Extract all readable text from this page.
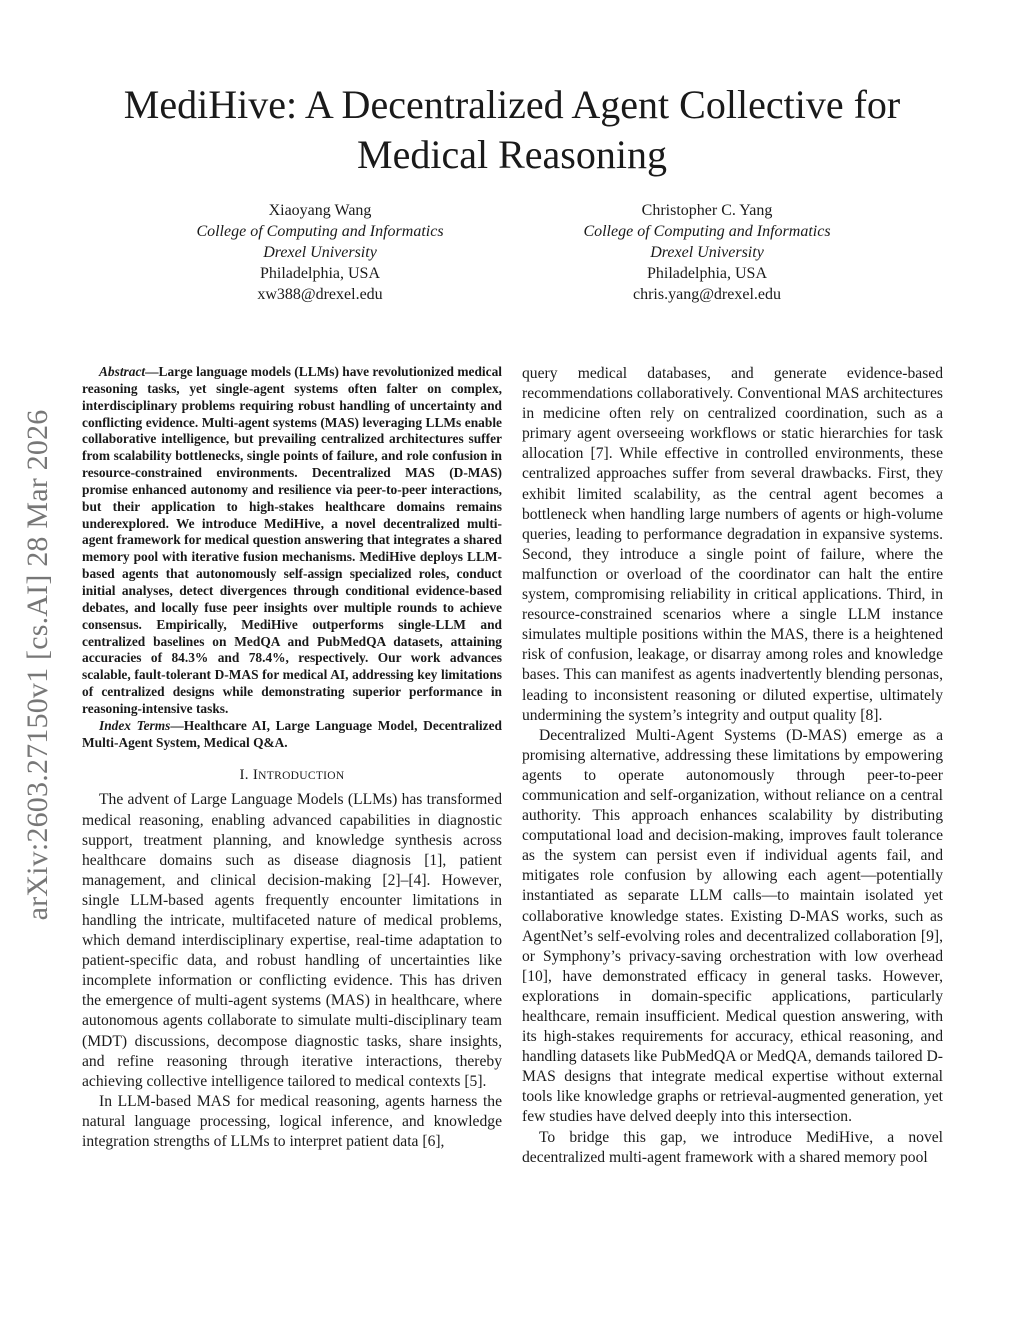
arXiv:2603.27150v1 [cs.AI] 28 Mar 2026
MediHive: A Decentralized Agent Collective for
Medical Reasoning
Xiaoyang Wang
College of Computing and Informatics
Drexel University
Philadelphia, USA
xw388@drexel.edu
Christopher C. Yang
College of Computing and Informatics
Drexel University
Philadelphia, USA
chris.yang@drexel.edu

Abstract—Large language models (LLMs) have revolutionized medical reasoning tasks, yet single-agent systems often falter on complex, interdisciplinary problems requiring robust handling of uncertainty and conflicting evidence. Multi-agent systems (MAS) leveraging LLMs enable collaborative intelligence, but prevailing centralized architectures suffer from scalability bottlenecks, single points of failure, and role confusion in resource-constrained environments. Decentralized MAS (D-MAS) promise enhanced autonomy and resilience via peer-to-peer interactions, but their application to high-stakes healthcare domains remains underexplored. We introduce MediHive, a novel decentralized multi-agent framework for medical question answering that integrates a shared memory pool with iterative fusion mechanisms. MediHive deploys LLM-based agents that autonomously self-assign specialized roles, conduct initial analyses, detect divergences through conditional evidence-based debates, and locally fuse peer insights over multiple rounds to achieve consensus. Empirically, MediHive outperforms single-LLM and centralized baselines on MedQA and PubMedQA datasets, attaining accuracies of 84.3% and 78.4%, respectively. Our work advances scalable, fault-tolerant D-MAS for medical AI, addressing key limitations of centralized designs while demonstrating superior performance in reasoning-intensive tasks.

Index Terms—Healthcare AI, Large Language Model, Decentralized Multi-Agent System, Medical Q&A.

I. INTRODUCTION

The advent of Large Language Models (LLMs) has transformed medical reasoning, enabling advanced capabilities in diagnostic support, treatment planning, and knowledge synthesis across healthcare domains such as disease diagnosis [1], patient management, and clinical decision-making [2]–[4]. However, single LLM-based agents frequently encounter limitations in handling the intricate, multifaceted nature of medical problems, which demand interdisciplinary expertise, real-time adaptation to patient-specific data, and robust handling of uncertainties like incomplete information or conflicting evidence. This has driven the emergence of multi-agent systems (MAS) in healthcare, where autonomous agents collaborate to simulate multi-disciplinary team (MDT) discussions, decompose diagnostic tasks, share insights, and refine reasoning through iterative interactions, thereby achieving collective intelligence tailored to medical contexts [5].

In LLM-based MAS for medical reasoning, agents harness the natural language processing, logical inference, and knowledge integration strengths of LLMs to interpret patient data [6],

query medical databases, and generate evidence-based recommendations collaboratively. Conventional MAS architectures in medicine often rely on centralized coordination, such as a primary agent overseeing workflows or static hierarchies for task allocation [7]. While effective in controlled environments, these centralized approaches suffer from several drawbacks. First, they exhibit limited scalability, as the central agent becomes a bottleneck when handling large numbers of agents or high-volume queries, leading to performance degradation in expansive systems. Second, they introduce a single point of failure, where the malfunction or overload of the coordinator can halt the entire system, compromising reliability in critical applications. Third, in resource-constrained scenarios where a single LLM instance simulates multiple positions within the MAS, there is a heightened risk of confusion, leakage, or disarray among roles and knowledge bases. This can manifest as agents inadvertently blending personas, leading to inconsistent reasoning or diluted expertise, ultimately undermining the system’s integrity and output quality [8].

Decentralized Multi-Agent Systems (D-MAS) emerge as a promising alternative, addressing these limitations by empowering agents to operate autonomously through peer-to-peer communication and self-organization, without reliance on a central authority. This approach enhances scalability by distributing computational load and decision-making, improves fault tolerance as the system can persist even if individual agents fail, and mitigates role confusion by allowing each agent—potentially instantiated as separate LLM calls—to maintain isolated yet collaborative knowledge states. Existing D-MAS works, such as AgentNet’s self-evolving roles and decentralized collaboration [9], or Symphony’s privacy-saving orchestration with low overhead [10], have demonstrated efficacy in general tasks. However, explorations in domain-specific applications, particularly healthcare, remain insufficient. Medical question answering, with its high-stakes requirements for accuracy, ethical reasoning, and handling datasets like PubMedQA or MedQA, demands tailored D-MAS designs that integrate medical expertise without external tools like knowledge graphs or retrieval-augmented generation, yet few studies have delved deeply into this intersection.

To bridge this gap, we introduce MediHive, a novel decentralized multi-agent framework with a shared memory pool
